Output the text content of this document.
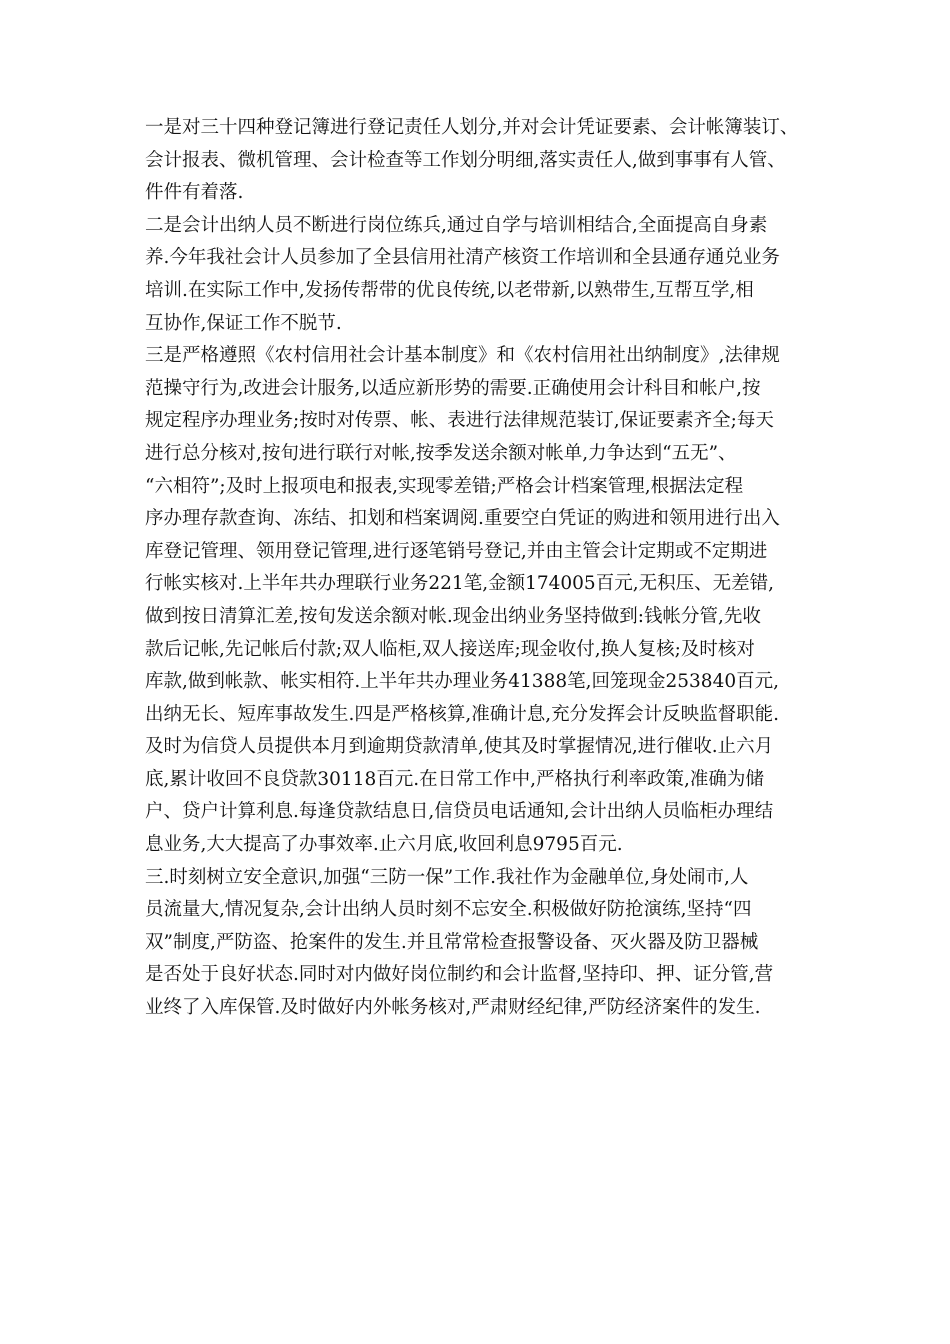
一是对三十四种登记簿进行登记责任人划分,并对会计凭证要素、会计帐簿装订、
会计报表、微机管理、会计检查等工作划分明细,落实责任人,做到事事有人管、
件件有着落.

二是会计出纳人员不断进行岗位练兵,通过自学与培训相结合,全面提高自身素
养.今年我社会计人员参加了全县信用社清产核资工作培训和全县通存通兑业务
培训.在实际工作中,发扬传帮带的优良传统,以老带新,以熟带生,互帮互学,相
互协作,保证工作不脱节.

三是严格遵照《农村信用社会计基本制度》和《农村信用社出纳制度》,法律规
范操守行为,改进会计服务,以适应新形势的需要.正确使用会计科目和帐户,按
规定程序办理业务;按时对传票、帐、表进行法律规范装订,保证要素齐全;每天
进行总分核对,按旬进行联行对帐,按季发送余额对帐单,力争达到“五无”、
“六相符”;及时上报项电和报表,实现零差错;严格会计档案管理,根据法定程
序办理存款查询、冻结、扣划和档案调阅.重要空白凭证的购进和领用进行出入
库登记管理、领用登记管理,进行逐笔销号登记,并由主管会计定期或不定期进
行帐实核对.上半年共办理联行业务221笔,金额174005百元,无积压、无差错,
做到按日清算汇差,按旬发送余额对帐.现金出纳业务坚持做到:钱帐分管,先收
款后记帐,先记帐后付款;双人临柜,双人接送库;现金收付,换人复核;及时核对
库款,做到帐款、帐实相符.上半年共办理业务41388笔,回笼现金253840百元,
出纳无长、短库事故发生.四是严格核算,准确计息,充分发挥会计反映监督职能.
及时为信贷人员提供本月到逾期贷款清单,使其及时掌握情况,进行催收.止六月
底,累计收回不良贷款30118百元.在日常工作中,严格执行利率政策,准确为储
户、贷户计算利息.每逢贷款结息日,信贷员电话通知,会计出纳人员临柜办理结
息业务,大大提高了办事效率.止六月底,收回利息9795百元.

三.时刻树立安全意识,加强“三防一保”工作.我社作为金融单位,身处闹市,人
员流量大,情况复杂,会计出纳人员时刻不忘安全.积极做好防抢演练,坚持“四
双”制度,严防盗、抢案件的发生.并且常常检查报警设备、灭火器及防卫器械
是否处于良好状态.同时对内做好岗位制约和会计监督,坚持印、押、证分管,营
业终了入库保管.及时做好内外帐务核对,严肃财经纪律,严防经济案件的发生.
